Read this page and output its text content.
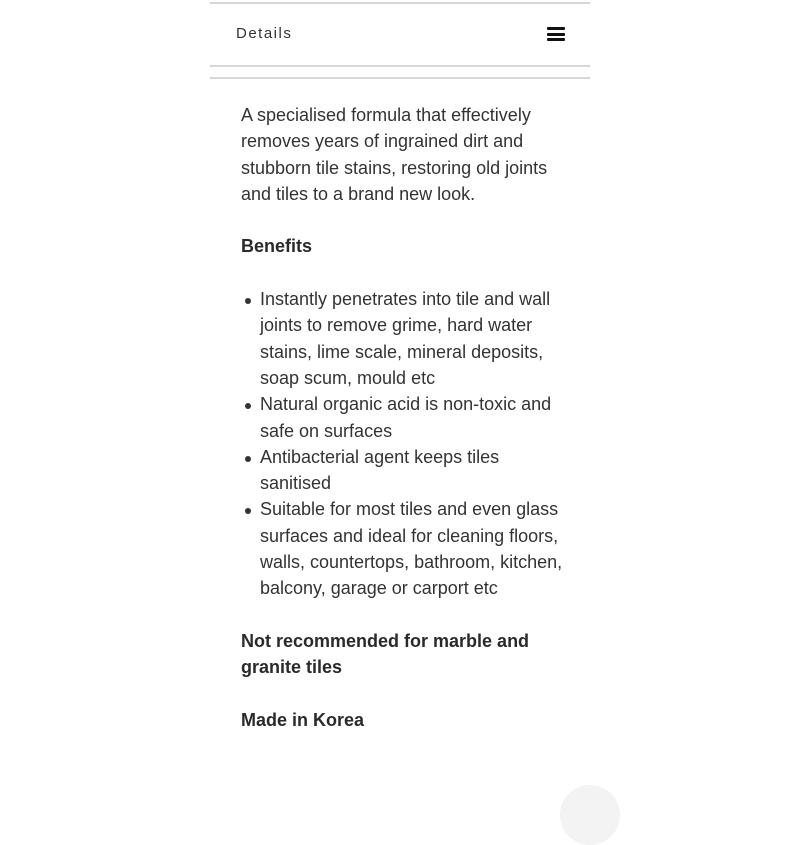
Details

A specialised formula that effectively removes years of ingrained dirt and stubborn tile stains, restoring old joints and tiles to a brand new look.

Benefits

Instantly penetrates into tile and wall joints to remove grime, hard water stains, lime scale, mineral deposits, soap scum, mould etc
Natural organic acid is non-toxic and safe on surfaces
Antibacterial agent keeps tiles sanitised
Suitable for most tiles and even glass surfaces and ideal for cleaning floors, walls, countertops, bathroom, kitchen, balcony, garage or carport etc

Not recommended for marble and granite tiles

Made in Korea
